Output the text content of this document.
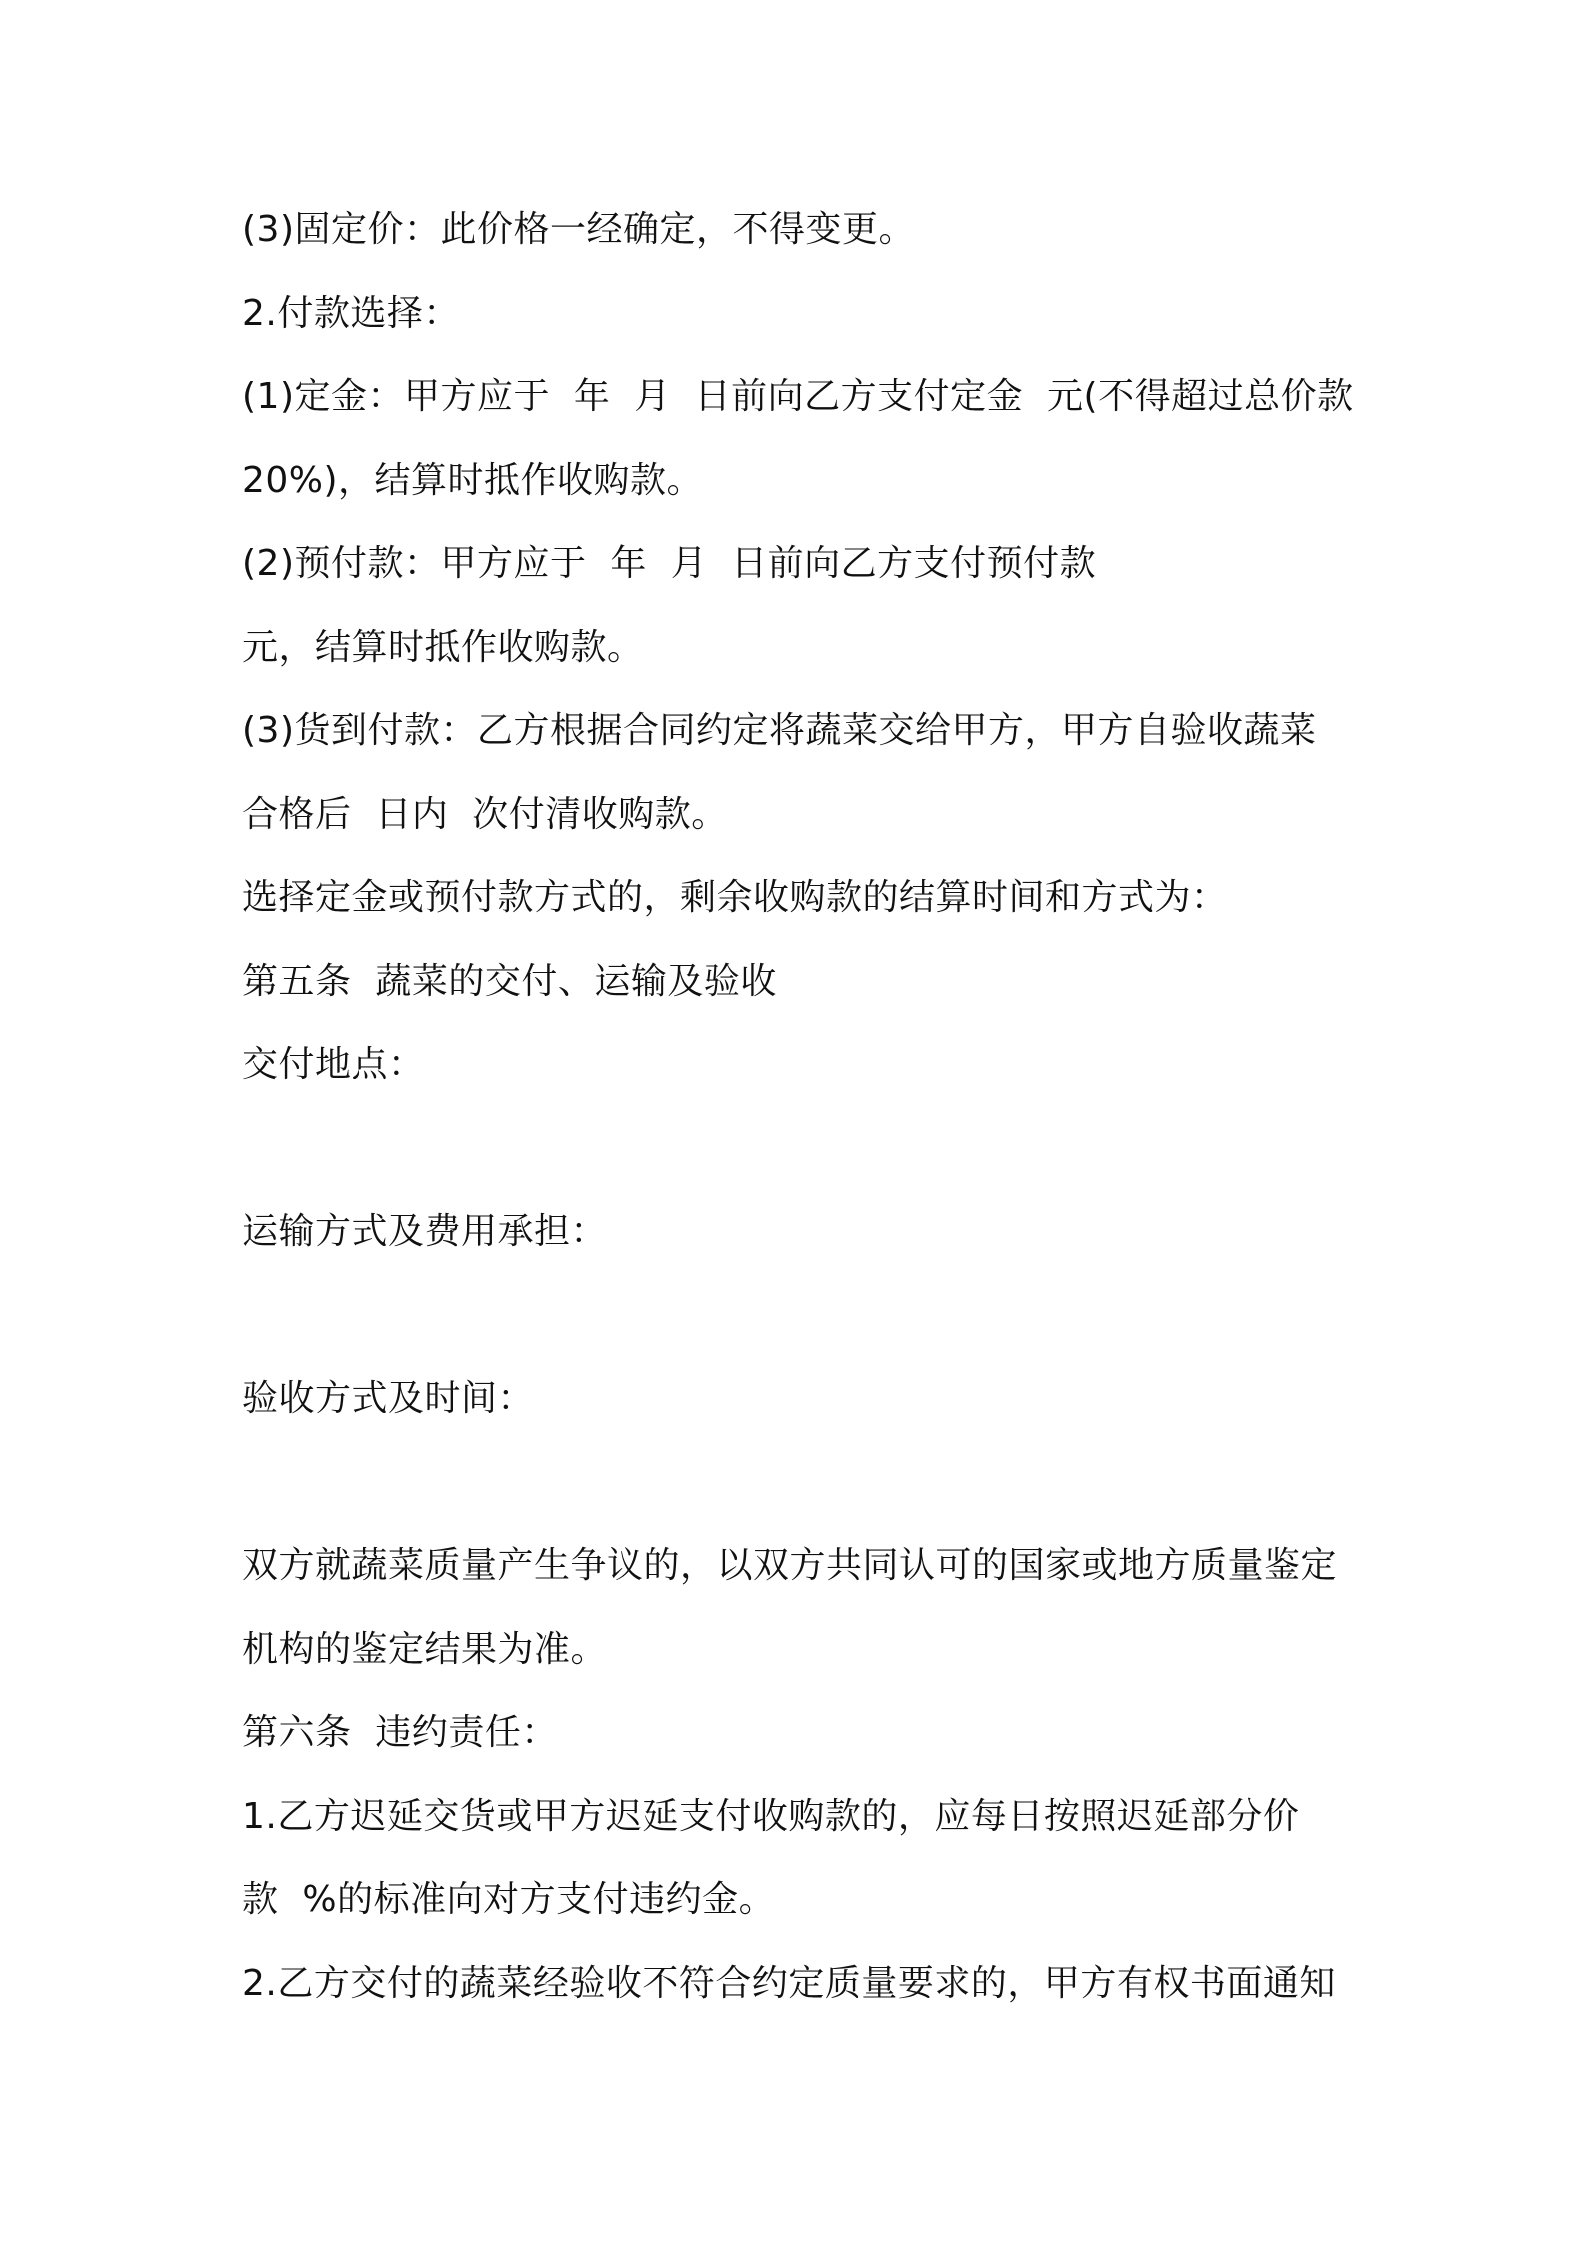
(3)固定价：此价格一经确定，不得变更。
2.付款选择：
(1)定金：甲方应于  年  月  日前向乙方支付定金  元(不得超过总价款
20%)，结算时抵作收购款。
(2)预付款：甲方应于  年  月  日前向乙方支付预付款
元，结算时抵作收购款。
(3)货到付款：乙方根据合同约定将蔬菜交给甲方，甲方自验收蔬菜
合格后  日内  次付清收购款。
选择定金或预付款方式的，剩余收购款的结算时间和方式为：
第五条  蔬菜的交付、运输及验收
交付地点：
运输方式及费用承担：
验收方式及时间：
双方就蔬菜质量产生争议的，以双方共同认可的国家或地方质量鉴定
机构的鉴定结果为准。
第六条  违约责任：
1.乙方迟延交货或甲方迟延支付收购款的，应每日按照迟延部分价
款  %的标准向对方支付违约金。
2.乙方交付的蔬菜经验收不符合约定质量要求的，甲方有权书面通知
